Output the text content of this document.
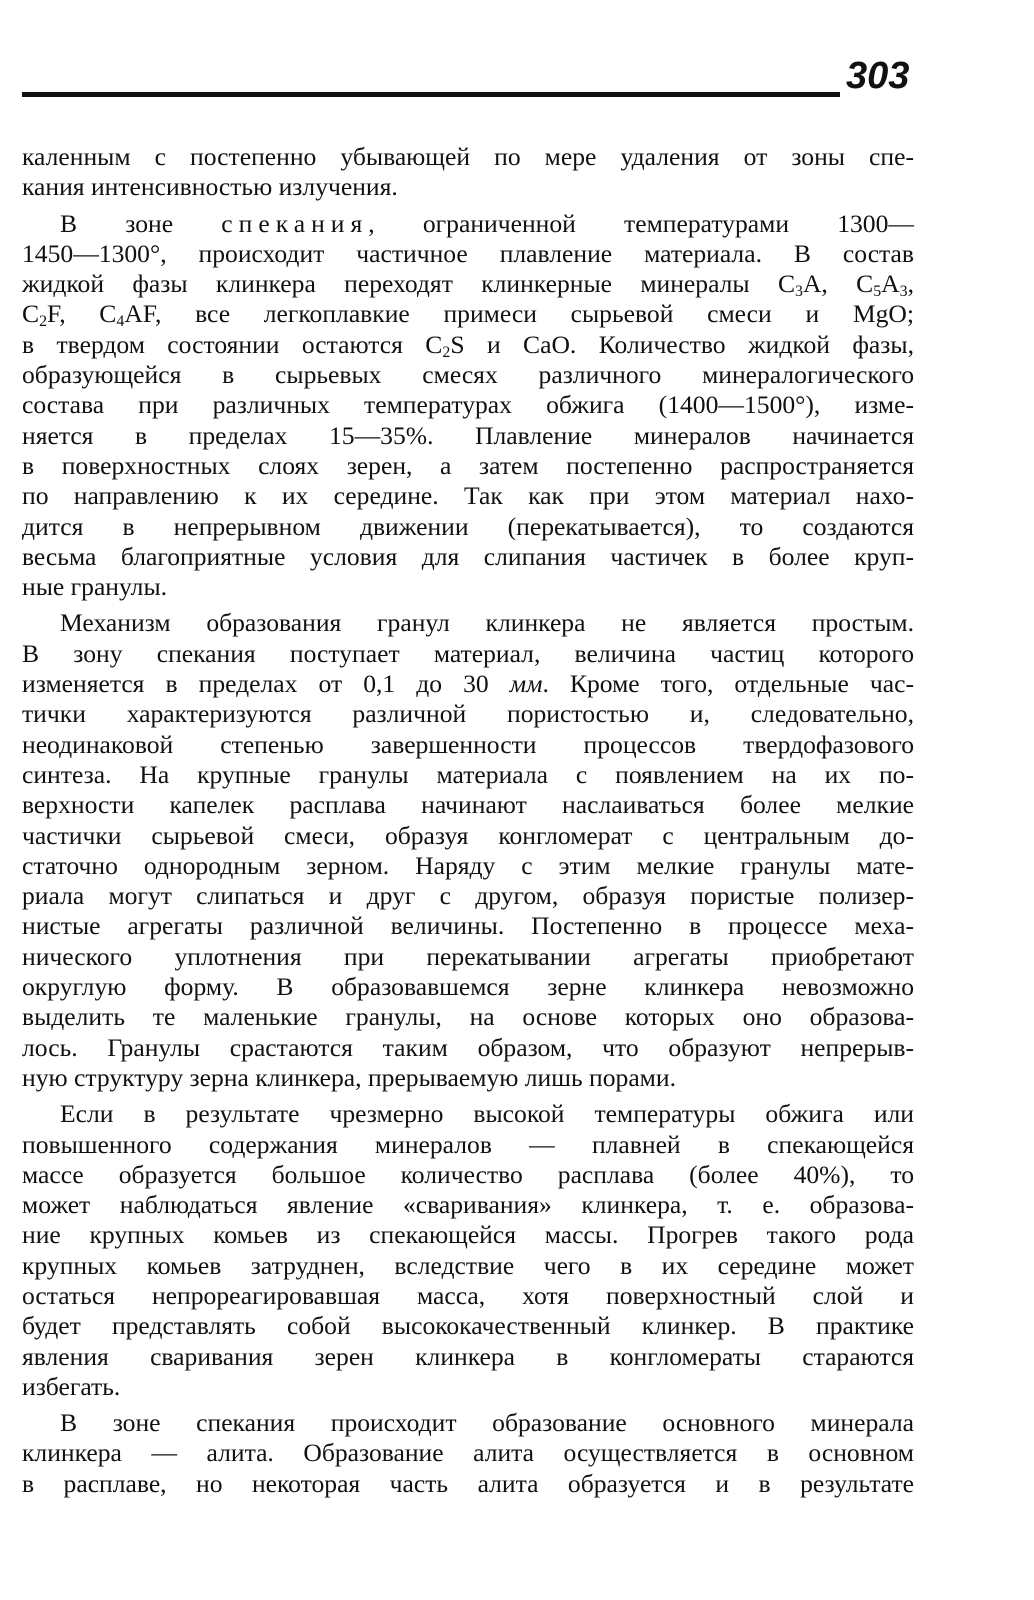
303

каленным с постепенно убывающей по мере удаления от зоны спе-
кания интенсивностью излучения.

В зоне спекания, ограниченной температурами 1300—
1450—1300°, происходит частичное плавление материала. В состав
жидкой фазы клинкера переходят клинкерные минералы $C_3A$, $C_5A_3$,
$C_2F$, $C_4AF$, все легкоплавкие примеси сырьевой смеси и MgO;
в твердом состоянии остаются $C_2S$ и CaO. Количество жидкой фазы,
образующейся в сырьевых смесях различного минералогического
состава при различных температурах обжига (1400—1500°), изме-
няется в пределах 15—35%. Плавление минералов начинается
в поверхностных слоях зерен, а затем постепенно распространяется
по направлению к их середине. Так как при этом материал нахо-
дится в непрерывном движении (перекатывается), то создаются
весьма благоприятные условия для слипания частичек в более круп-
ные гранулы.

Механизм образования гранул клинкера не является простым.
В зону спекания поступает материал, величина частиц которого
изменяется в пределах от 0,1 до 30 мм. Кроме того, отдельные час-
тички характеризуются различной пористостью и, следовательно,
неодинаковой степенью завершенности процессов твердофазового
синтеза. На крупные гранулы материала с появлением на их по-
верхности капелек расплава начинают наслаиваться более мелкие
частички сырьевой смеси, образуя конгломерат с центральным до-
статочно однородным зерном. Наряду с этим мелкие гранулы мате-
риала могут слипаться и друг с другом, образуя пористые полизер-
нистые агрегаты различной величины. Постепенно в процессе меха-
нического уплотнения при перекатывании агрегаты приобретают
округлую форму. В образовавшемся зерне клинкера невозможно
выделить те маленькие гранулы, на основе которых оно образова-
лось. Гранулы срастаются таким образом, что образуют непрерыв-
ную структуру зерна клинкера, прерываемую лишь порами.

Если в результате чрезмерно высокой температуры обжига или
повышенного содержания минералов — плавней в спекающейся
массе образуется большое количество расплава (более 40%), то
может наблюдаться явление «сваривания» клинкера, т. е. образова-
ние крупных комьев из спекающейся массы. Прогрев такого рода
крупных комьев затруднен, вследствие чего в их середине может
остаться непрореагировавшая масса, хотя поверхностный слой и
будет представлять собой высококачественный клинкер. В практике
явления сваривания зерен клинкера в конгломераты стараются
избегать.

В зоне спекания происходит образование основного минерала
клинкера — алита. Образование алита осуществляется в основном
в расплаве, но некоторая часть алита образуется и в результате
